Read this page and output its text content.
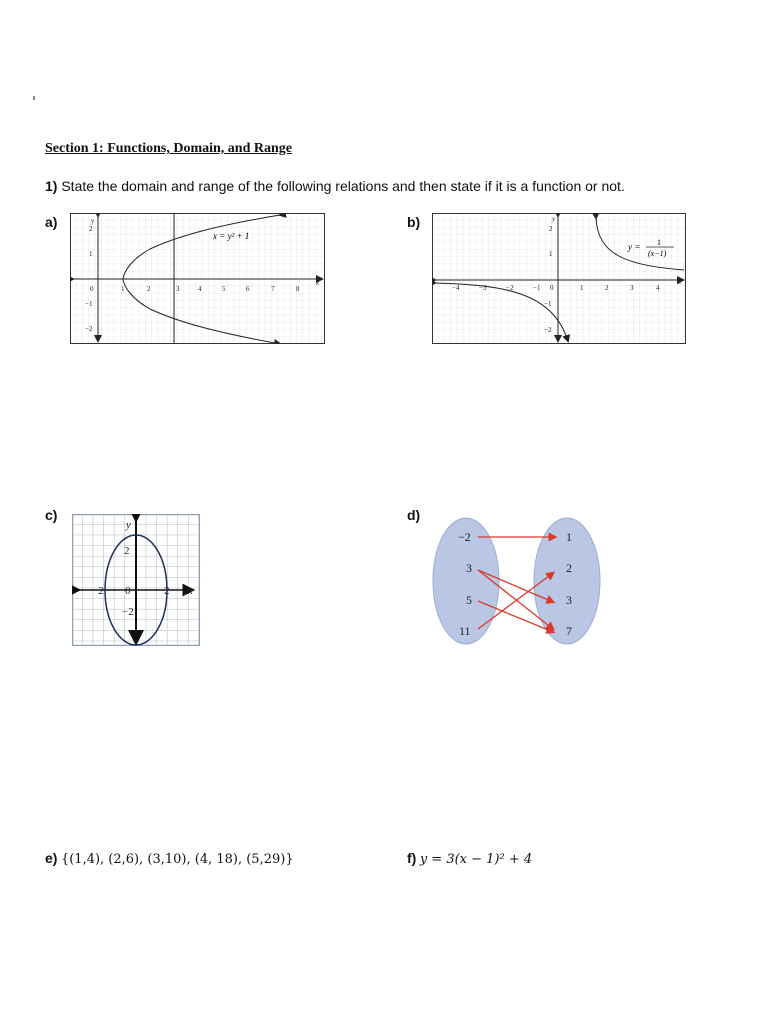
Section 1: Functions, Domain, and Range
1) State the domain and range of the following relations and then state if it is a function or not.
a)
x = y² + 1
0	1	2	3	4	5	6	7	8
x
y
2
1
−1
−2
b)
y = 1
(x−1)
−4	−3	−2	−1 0	1	2	3	4
x
y
2
1
−1
−2
c)
y
x
2
−2
−2	2
0
d)
−2
3
5
11
1
2
3
7
e) {(1,4), (2,6), (3,10), (4, 18), (5,29)}	f) y = 3(x − 1)² + 4
